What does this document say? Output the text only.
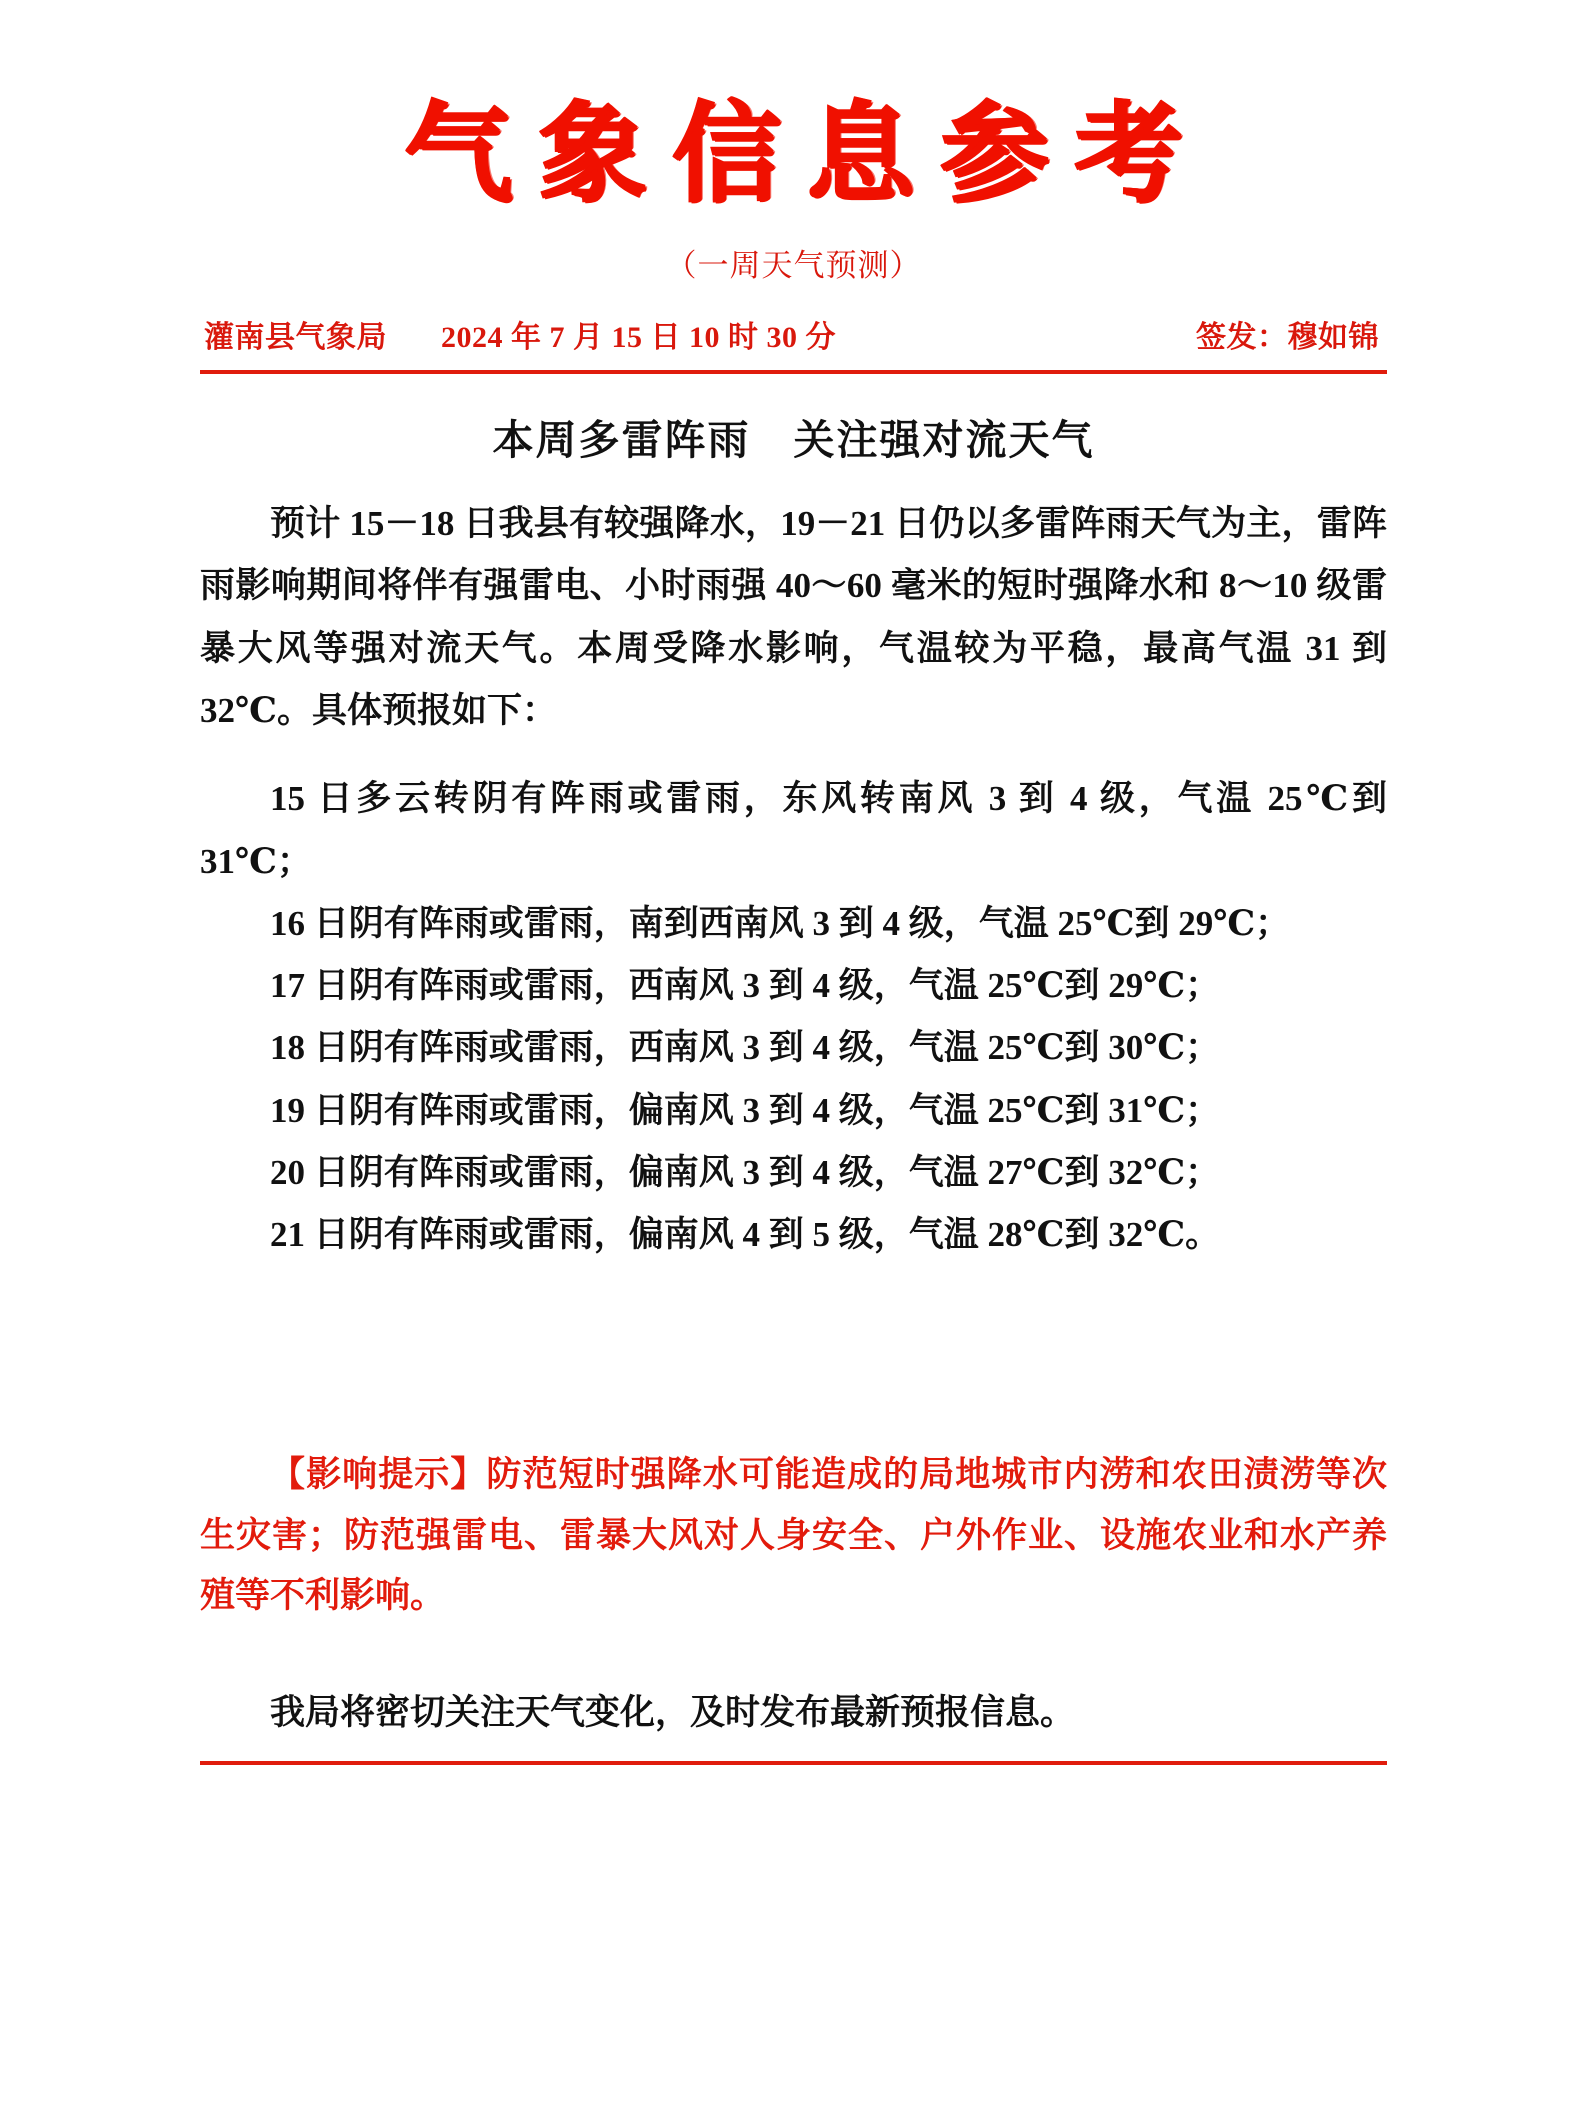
气象信息参考
（一周天气预测）
灌南县气象局 2024 年 7 月 15 日 10 时 30 分	签发：穆如锦
本周多雷阵雨　关注强对流天气

预计 15－18 日我县有较强降水，19－21 日仍以多雷阵雨天气为主，雷阵雨影响期间将伴有强雷电、小时雨强 40～60 毫米的短时强降水和 8～10 级雷暴大风等强对流天气。本周受降水影响，气温较为平稳，最高气温 31 到 32℃。具体预报如下：

15 日多云转阴有阵雨或雷雨，东风转南风 3 到 4 级，气温 25℃到 31℃；

16 日阴有阵雨或雷雨，南到西南风 3 到 4 级，气温 25℃到 29℃；

17 日阴有阵雨或雷雨，西南风 3 到 4 级，气温 25℃到 29℃；

18 日阴有阵雨或雷雨，西南风 3 到 4 级，气温 25℃到 30℃；

19 日阴有阵雨或雷雨，偏南风 3 到 4 级，气温 25℃到 31℃；

20 日阴有阵雨或雷雨，偏南风 3 到 4 级，气温 27℃到 32℃；

21 日阴有阵雨或雷雨，偏南风 4 到 5 级，气温 28℃到 32℃。

【影响提示】防范短时强降水可能造成的局地城市内涝和农田渍涝等次生灾害；防范强雷电、雷暴大风对人身安全、户外作业、设施农业和水产养殖等不利影响。

我局将密切关注天气变化，及时发布最新预报信息。
